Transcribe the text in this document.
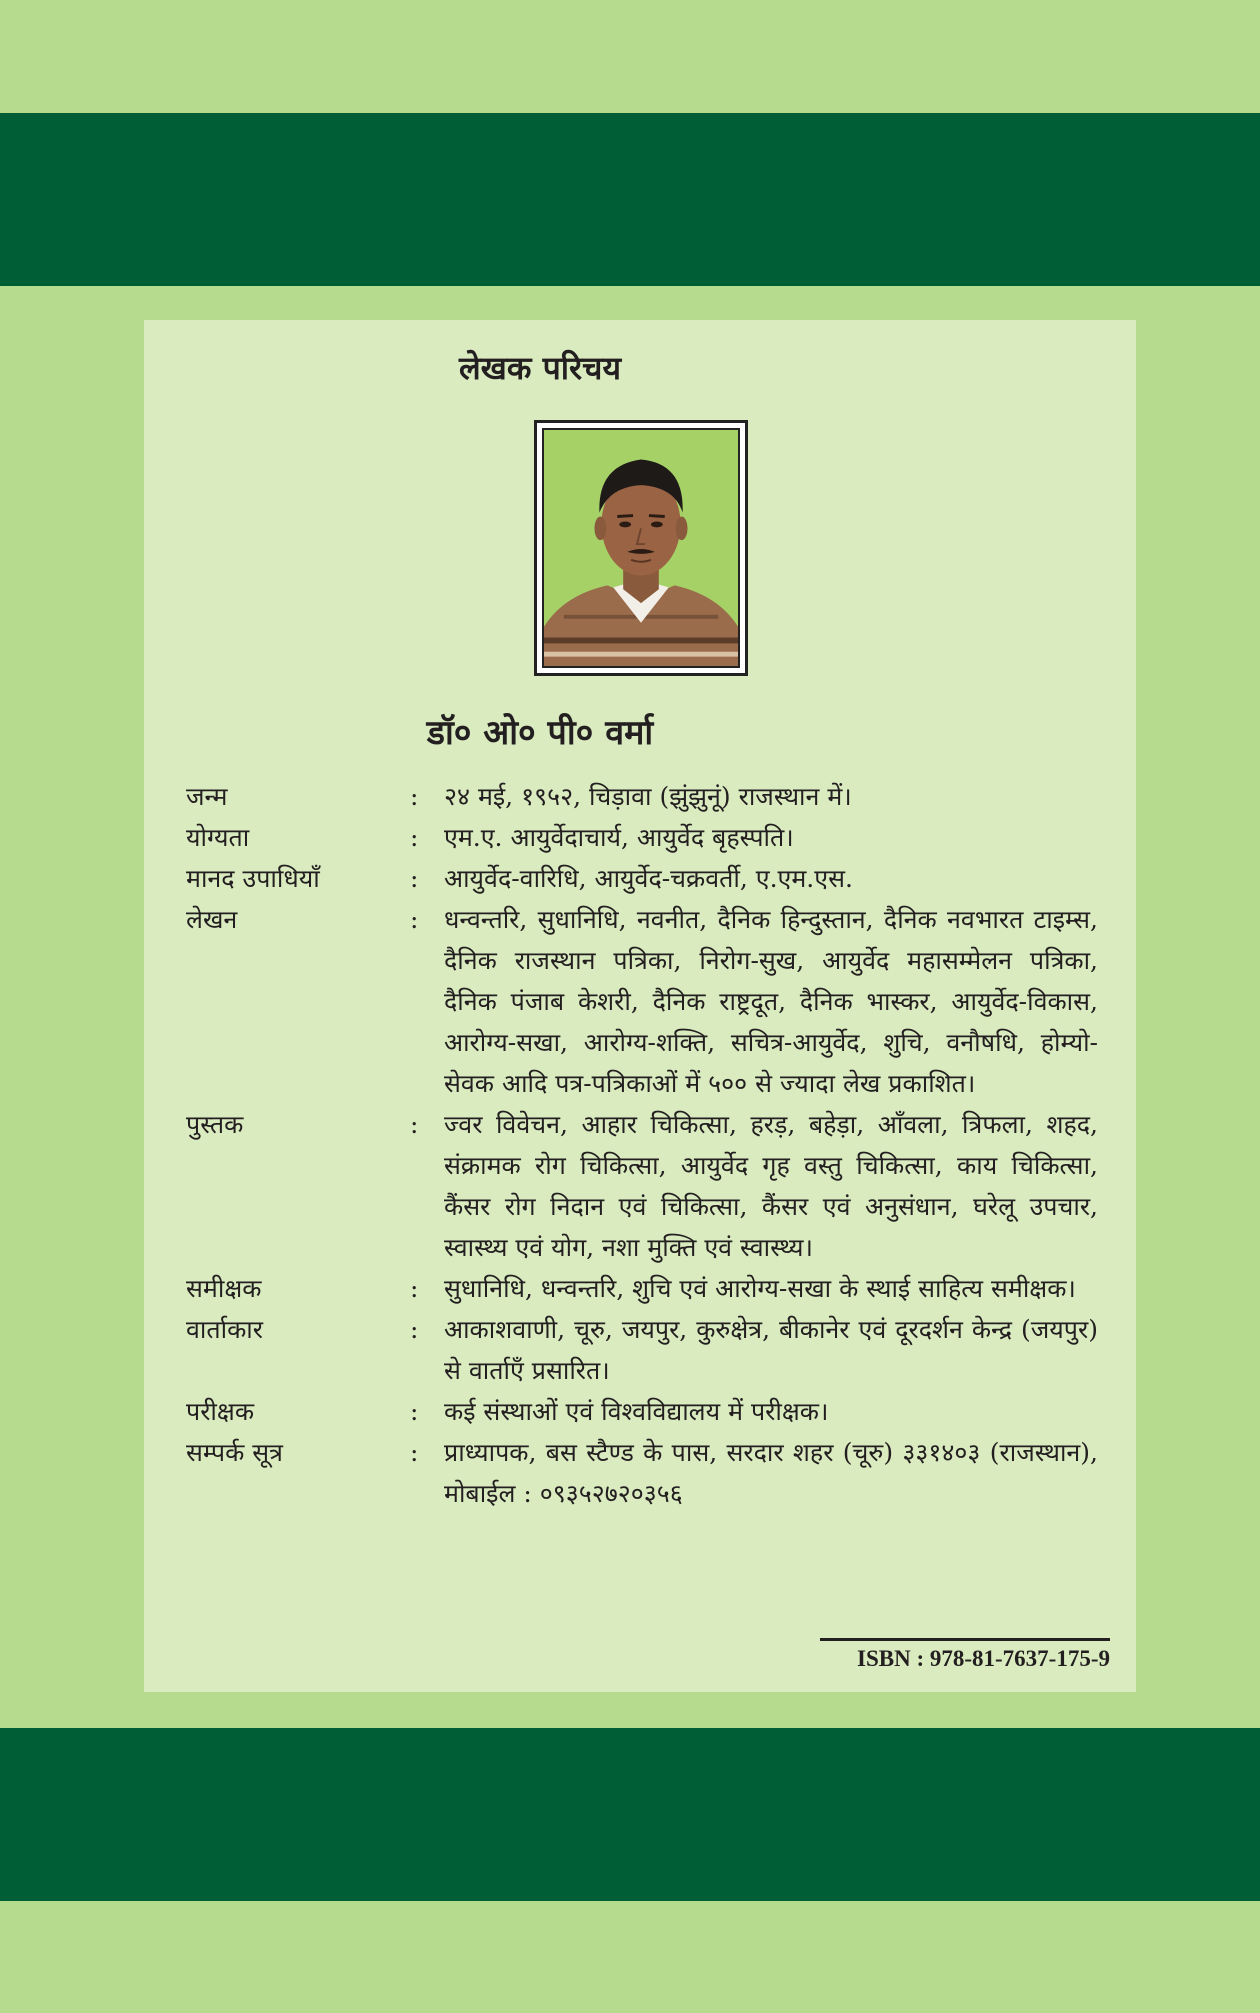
लेखक परिचय
डॉ० ओ० पी० वर्मा
जन्म	:	२४ मई, १९५२, चिड़ावा (झुंझुनूं) राजस्थान में।
योग्यता	:	एम.ए. आयुर्वेदाचार्य, आयुर्वेद बृहस्पति।
मानद उपाधियाँ	:	आयुर्वेद-वारिधि, आयुर्वेद-चक्रवर्ती, ए.एम.एस.
लेखन	:	धन्वन्तरि, सुधानिधि, नवनीत, दैनिक हिन्दुस्तान, दैनिक नवभारत टाइम्स, दैनिक राजस्थान पत्रिका, निरोग-सुख, आयुर्वेद महासम्मेलन पत्रिका, दैनिक पंजाब केशरी, दैनिक राष्ट्रदूत, दैनिक भास्कर, आयुर्वेद-विकास, आरोग्य-सखा, आरोग्य-शक्ति, सचित्र-आयुर्वेद, शुचि, वनौषधि, होम्यो-सेवक आदि पत्र-पत्रिकाओं में ५०० से ज्यादा लेख प्रकाशित।
पुस्तक	:	ज्वर विवेचन, आहार चिकित्सा, हरड़, बहेड़ा, आँवला, त्रिफला, शहद, संक्रामक रोग चिकित्सा, आयुर्वेद गृह वस्तु चिकित्सा, काय चिकित्सा, कैंसर रोग निदान एवं चिकित्सा, कैंसर एवं अनुसंधान, घरेलू उपचार, स्वास्थ्य एवं योग, नशा मुक्ति एवं स्वास्थ्य।
समीक्षक	:	सुधानिधि, धन्वन्तरि, शुचि एवं आरोग्य-सखा के स्थाई साहित्य समीक्षक।
वार्ताकार	:	आकाशवाणी, चूरु, जयपुर, कुरुक्षेत्र, बीकानेर एवं दूरदर्शन केन्द्र (जयपुर) से वार्ताएँ प्रसारित।
परीक्षक	:	कई संस्थाओं एवं विश्वविद्यालय में परीक्षक।
सम्पर्क सूत्र	:	प्राध्यापक, बस स्टैण्ड के पास, सरदार शहर (चूरु) ३३१४०३ (राजस्थान), मोबाईल : ०९३५२७२०३५६
ISBN : 978-81-7637-175-9
